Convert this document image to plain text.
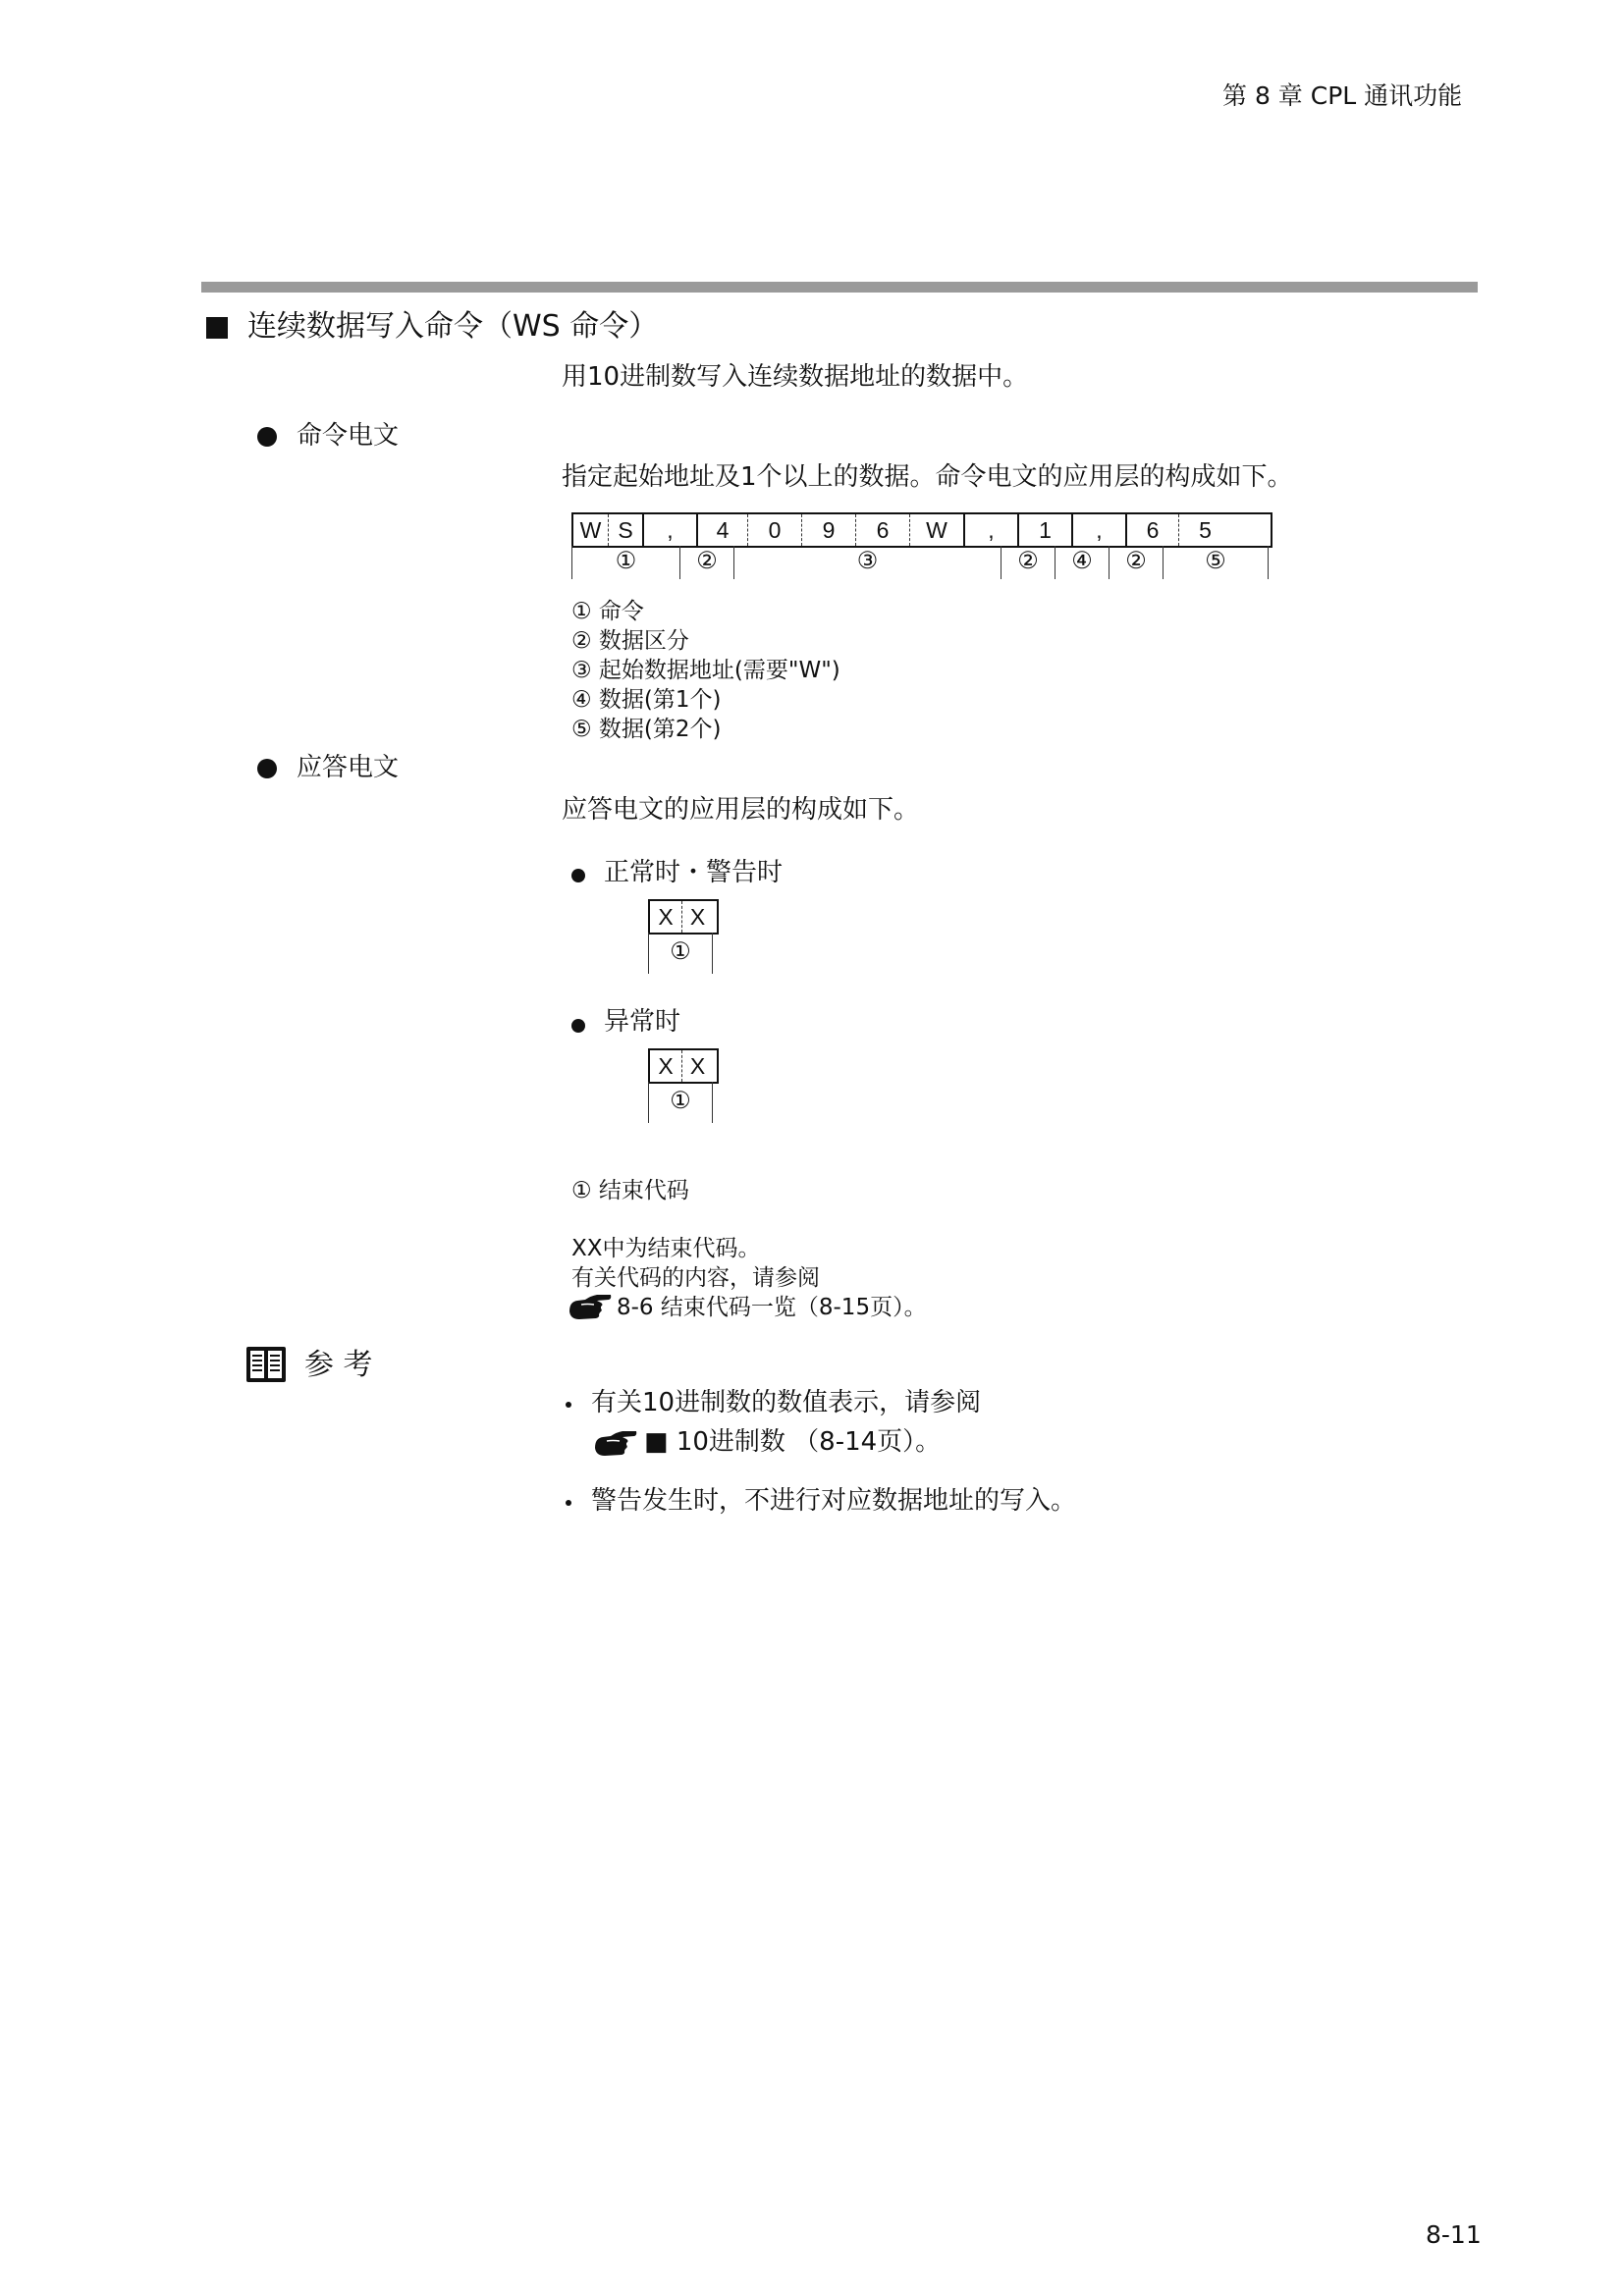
第 8 章 CPL 通讯功能
连续数据写入命令（WS 命令）
用10进制数写入连续数据地址的数据中。
命令电文
指定起始地址及1个以上的数据。命令电文的应用层的构成如下。
W S	,	4	0	9	6	W	,	1	,	6	5
①	②	③	②	④	②	⑤
① 命令
② 数据区分
③ 起始数据地址(需要"W")
④ 数据(第1个)
⑤ 数据(第2个)
应答电文
应答电文的应用层的构成如下。
正常时・警告时
X X
①
异常时
X X
①
① 结束代码
XX中为结束代码。
有关代码的内容，请参阅
8-6 结束代码一览（8-15页）。
参 考
有关10进制数的数值表示，请参阅
■ 10进制数 （8-14页）。
警告发生时，不进行对应数据地址的写入。
8-11
